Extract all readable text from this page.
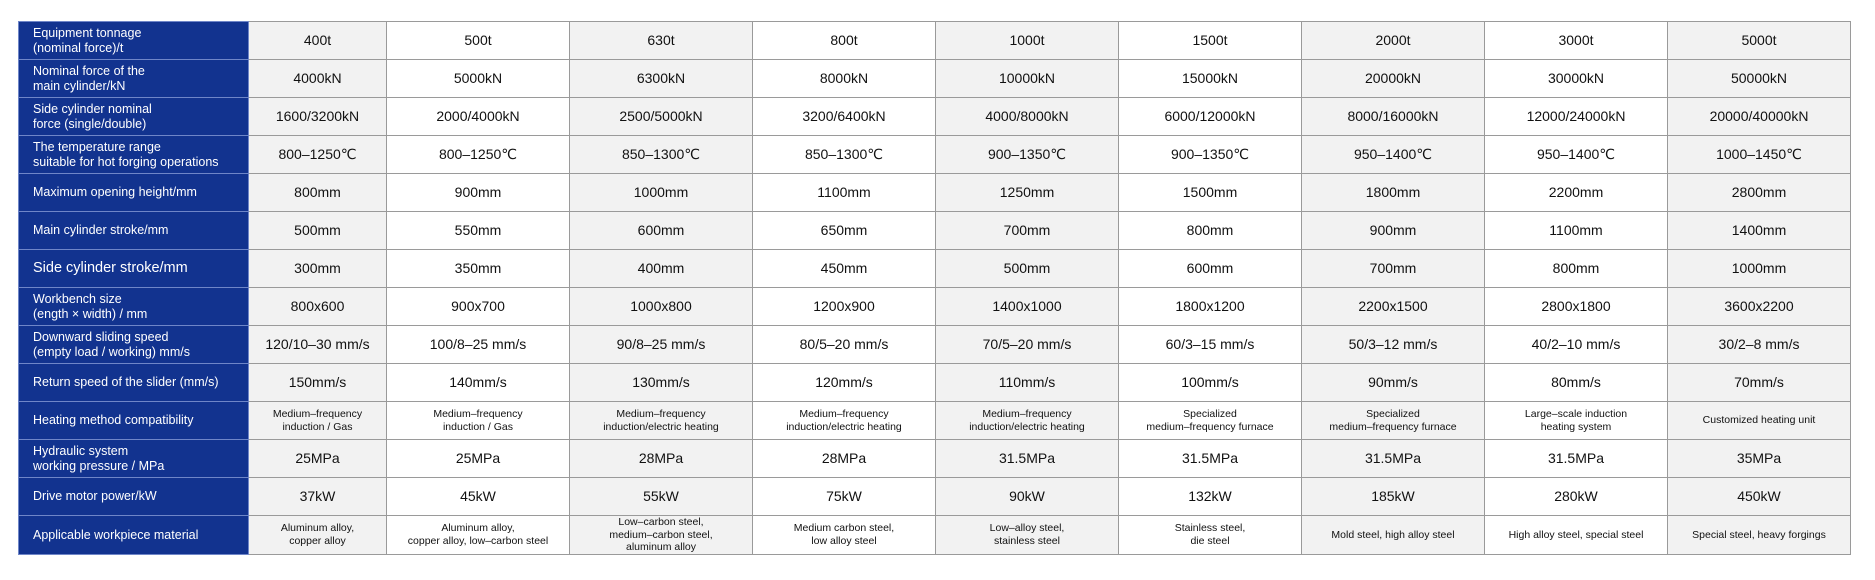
Equipment tonnage
(nominal force)/t	400t	500t	630t	800t	1000t	1500t	2000t	3000t	5000t

Nominal force of the
main cylinder/kN	4000kN	5000kN	6300kN	8000kN	10000kN	15000kN	20000kN	30000kN	50000kN

Side cylinder nominal
force (single/double)	1600/3200kN	2000/4000kN	2500/5000kN	3200/6400kN	4000/8000kN	6000/12000kN	8000/16000kN	12000/24000kN	20000/40000kN

The temperature range
suitable for hot forging operations	800–1250℃	800–1250℃	850–1300℃	850–1300℃	900–1350℃	900–1350℃	950–1400℃	950–1400℃	1000–1450℃

Maximum opening height/mm	800mm	900mm	1000mm	1100mm	1250mm	1500mm	1800mm	2200mm	2800mm

Main cylinder stroke/mm	500mm	550mm	600mm	650mm	700mm	800mm	900mm	1100mm	1400mm

Side cylinder stroke/mm	300mm	350mm	400mm	450mm	500mm	600mm	700mm	800mm	1000mm

Workbench size
(ength × width) / mm	800x600	900x700	1000x800	1200x900	1400x1000	1800x1200	2200x1500	2800x1800	3600x2200

Downward sliding speed
(empty load / working) mm/s	120/10–30 mm/s	100/8–25 mm/s	90/8–25 mm/s	80/5–20 mm/s	70/5–20 mm/s	60/3–15 mm/s	50/3–12 mm/s	40/2–10 mm/s	30/2–8 mm/s

Return speed of the slider (mm/s)	150mm/s	140mm/s	130mm/s	120mm/s	110mm/s	100mm/s	90mm/s	80mm/s	70mm/s

Heating method compatibility	Medium–frequency
induction / Gas	Medium–frequency
induction / Gas	Medium–frequency
induction/electric heating	Medium–frequency
induction/electric heating	Medium–frequency
induction/electric heating	Specialized
medium–frequency furnace	Specialized
medium–frequency furnace	Large–scale induction
heating system	Customized heating unit

Hydraulic system
working pressure / MPa	25MPa	25MPa	28MPa	28MPa	31.5MPa	31.5MPa	31.5MPa	31.5MPa	35MPa

Drive motor power/kW	37kW	45kW	55kW	75kW	90kW	132kW	185kW	280kW	450kW

Applicable workpiece material	Aluminum alloy,
copper alloy	Aluminum alloy,
copper alloy, low–carbon steel	Low–carbon steel,
medium–carbon steel,
aluminum alloy	Medium carbon steel,
low alloy steel	Low–alloy steel,
stainless steel	Stainless steel,
die steel	Mold steel, high alloy steel	High alloy steel, special steel	Special steel, heavy forgings
